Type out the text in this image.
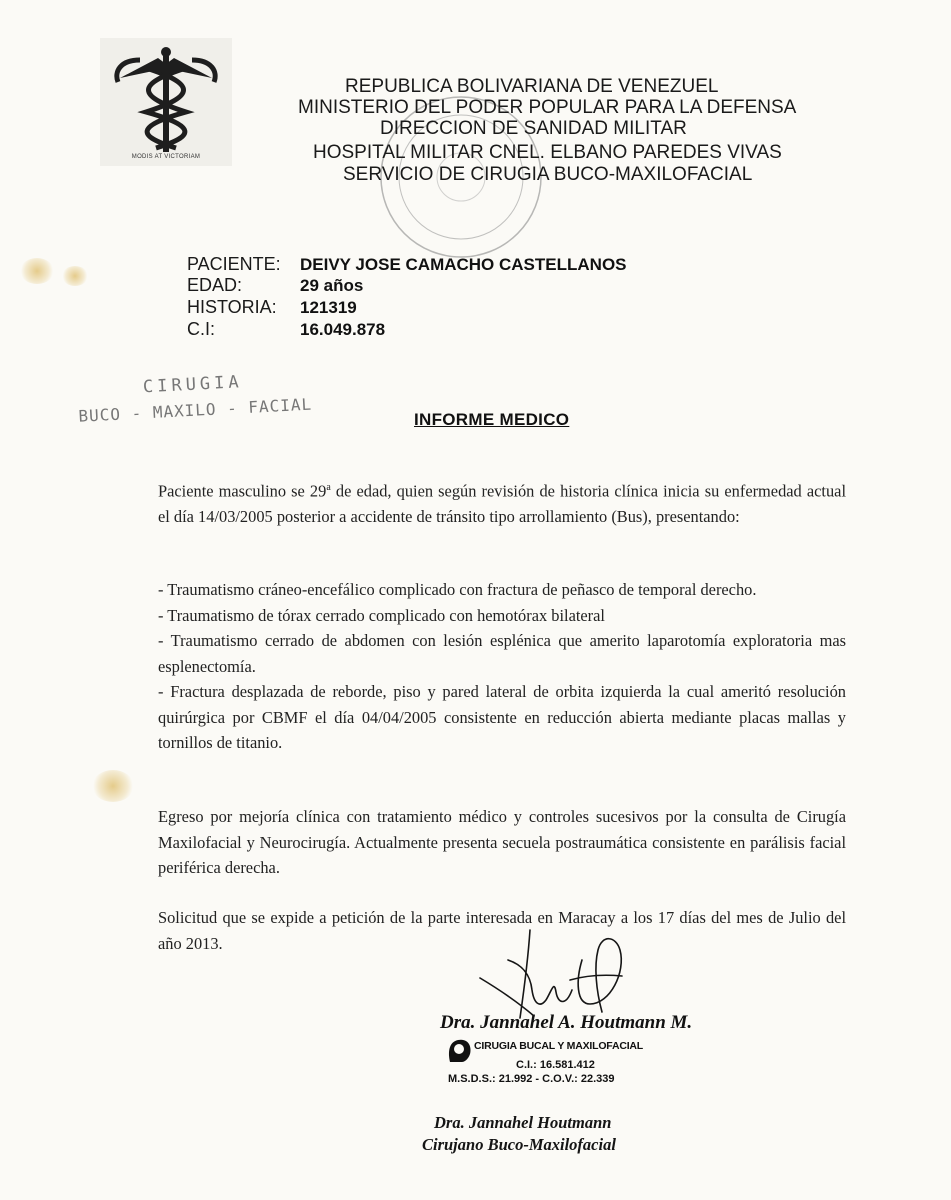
MODIS AT VICTORIAM
REPUBLICA BOLIVARIANA DE VENEZUEL
MINISTERIO DEL PODER POPULAR PARA LA DEFENSA
DIRECCION DE SANIDAD MILITAR
HOSPITAL MILITAR CNEL. ELBANO PAREDES VIVAS
SERVICIO DE CIRUGIA BUCO-MAXILOFACIAL
PACIENTE: DEIVY JOSE CAMACHO CASTELLANOS
EDAD:	29 años
HISTORIA: 121319
C.I:	16.049.878
CIRUGIA
BUCO - MAXILO - FACIAL	INFORME MEDICO

Paciente masculino se 29$^a$ de edad, quien según revisión de historia clínica inicia su enfermedad actual el día 14/03/2005 posterior a accidente de tránsito tipo arrollamiento (Bus), presentando:

- Traumatismo cráneo-encefálico complicado con fractura de peñasco de temporal derecho.

- Traumatismo de tórax cerrado complicado con hemotórax bilateral

- Traumatismo cerrado de abdomen con lesión esplénica que amerito laparotomía exploratoria mas esplenectomía.

- Fractura desplazada de reborde, piso y pared lateral de orbita izquierda la cual ameritó resolución quirúrgica por CBMF el día 04/04/2005 consistente en reducción abierta mediante placas mallas y tornillos de titanio.

Egreso por mejoría clínica con tratamiento médico y controles sucesivos por la consulta de Cirugía Maxilofacial y Neurocirugía. Actualmente presenta secuela postraumática consistente en parálisis facial periférica derecha.

Solicitud que se expide a petición de la parte interesada en Maracay a los 17 días del mes de Julio del año 2013.

Dra. Jannahel A. Houtmann M.
CIRUGIA BUCAL Y MAXILOFACIAL
C.I.: 16.581.412
M.S.D.S.: 21.992 - C.O.V.: 22.339
Dra. Jannahel Houtmann
Cirujano Buco-Maxilofacial
